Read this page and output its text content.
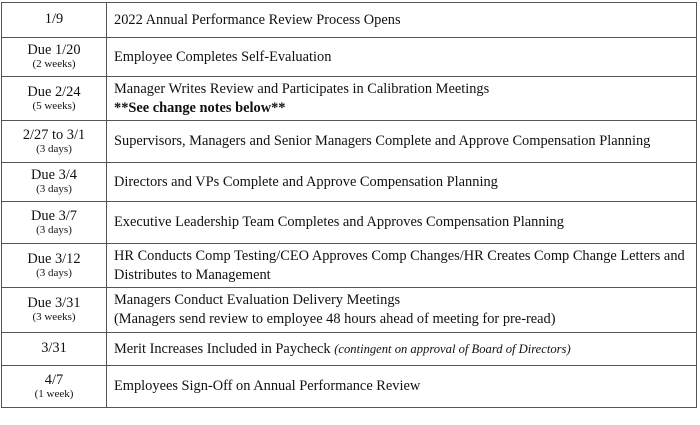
1/9	2022 Annual Performance Review Process Opens

Due 1/20
(2 weeks)	Employee Completes Self-Evaluation

Due 2/24
(5 weeks)	Manager Writes Review and Participates in Calibration Meetings
**See change notes below**

2/27 to 3/1
(3 days)	Supervisors, Managers and Senior Managers Complete and Approve Compensation Planning

Due 3/4
(3 days)	Directors and VPs Complete and Approve Compensation Planning

Due 3/7
(3 days)	Executive Leadership Team Completes and Approves Compensation Planning

Due 3/12
(3 days)	HR Conducts Comp Testing/CEO Approves Comp Changes/HR Creates Comp Change Letters and Distributes to Management

Due 3/31
(3 weeks)	Managers Conduct Evaluation Delivery Meetings
(Managers send review to employee 48 hours ahead of meeting for pre-read)

3/31	Merit Increases Included in Paycheck (contingent on approval of Board of Directors)

4/7
(1 week)	Employees Sign-Off on Annual Performance Review
